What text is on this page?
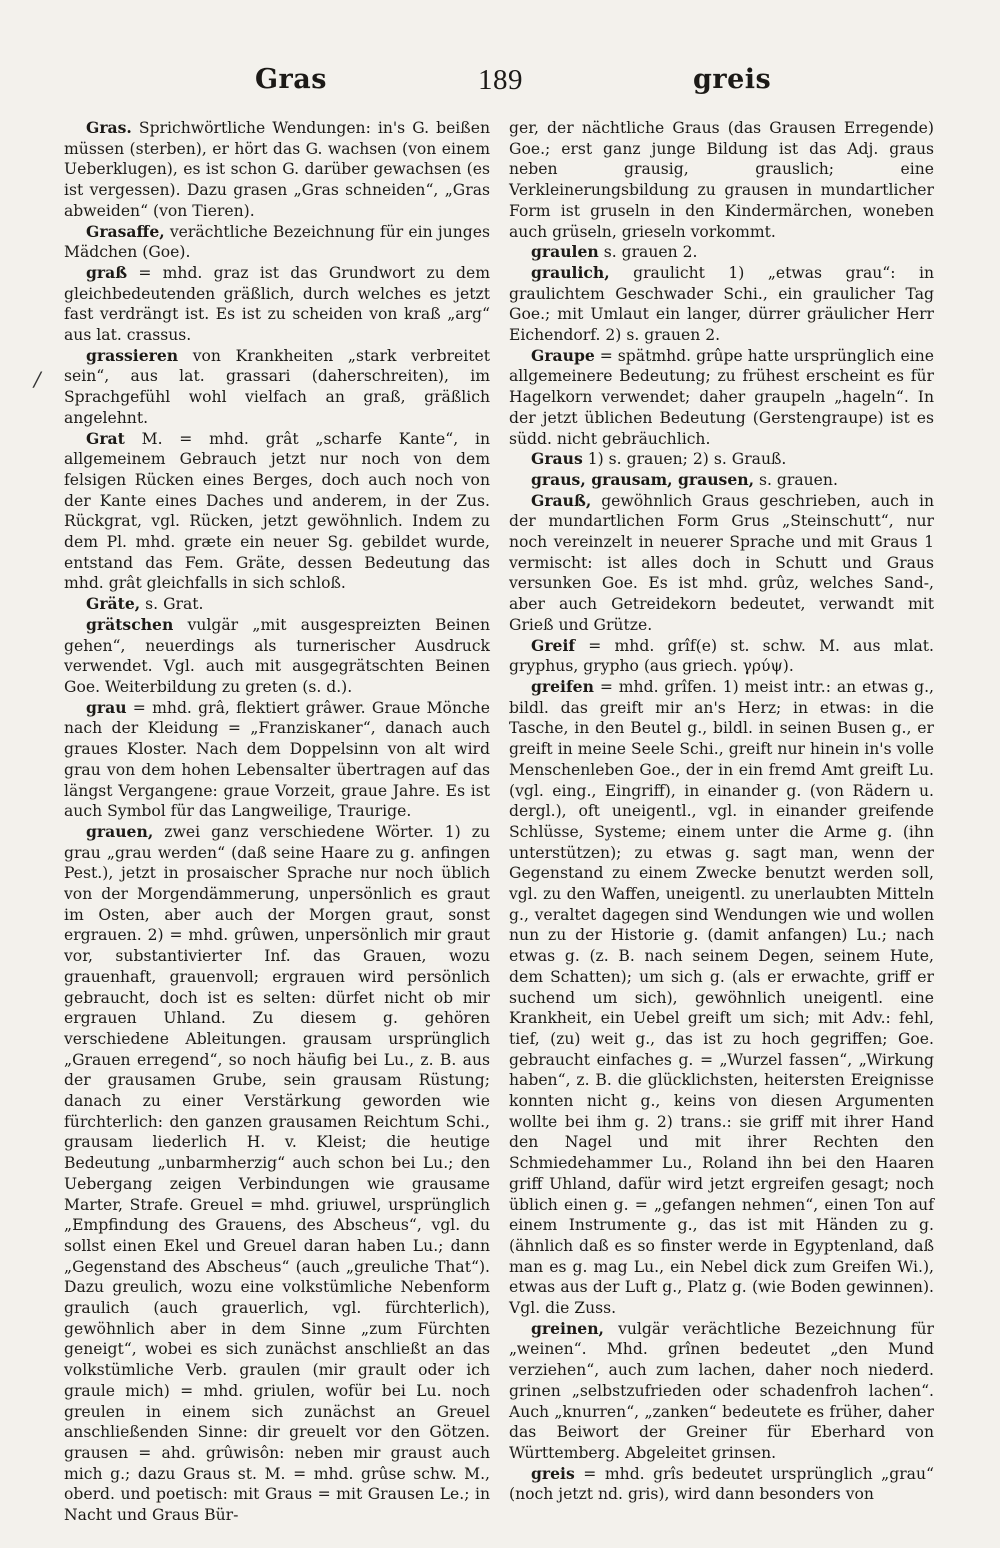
Gras	189	greis
/

Gras. Sprichwörtliche Wendungen: in's G. beißen müssen (sterben), er hört das G. wachsen (von einem Ueberklugen), es ist schon G. darüber gewachsen (es ist vergessen). Dazu grasen „Gras schneiden“, „Gras abweiden“ (von Tieren).

Grasaffe, verächtliche Bezeichnung für ein junges Mädchen (Goe).

graß = mhd. graz ist das Grundwort zu dem gleichbedeutenden gräßlich, durch welches es jetzt fast verdrängt ist. Es ist zu scheiden von kraß „arg“ aus lat. crassus.

grassieren von Krankheiten „stark verbreitet sein“, aus lat. grassari (daherschreiten), im Sprachgefühl wohl vielfach an graß, gräßlich angelehnt.

Grat M. = mhd. grât „scharfe Kante“, in allgemeinem Gebrauch jetzt nur noch von dem felsigen Rücken eines Berges, doch auch noch von der Kante eines Daches und anderem, in der Zus. Rückgrat, vgl. Rücken, jetzt gewöhnlich. Indem zu dem Pl. mhd. græte ein neuer Sg. gebildet wurde, entstand das Fem. Gräte, dessen Bedeutung das mhd. grât gleichfalls in sich schloß.

Gräte, s. Grat.

grätschen vulgär „mit ausgespreizten Beinen gehen“, neuerdings als turnerischer Ausdruck verwendet. Vgl. auch mit ausgegrätschten Beinen Goe. Weiterbildung zu greten (s. d.).

grau = mhd. grâ, flektiert grâwer. Graue Mönche nach der Kleidung = „Franziskaner“, danach auch graues Kloster. Nach dem Doppelsinn von alt wird grau von dem hohen Lebensalter übertragen auf das längst Vergangene: graue Vorzeit, graue Jahre. Es ist auch Symbol für das Langweilige, Traurige.

grauen, zwei ganz verschiedene Wörter. 1) zu grau „grau werden“ (daß seine Haare zu g. anfingen Pest.), jetzt in prosaischer Sprache nur noch üblich von der Morgendämmerung, unpersönlich es graut im Osten, aber auch der Morgen graut, sonst ergrauen. 2) = mhd. grûwen, unpersönlich mir graut vor, substantivierter Inf. das Grauen, wozu grauenhaft, grauenvoll; ergrauen wird persönlich gebraucht, doch ist es selten: dürfet nicht ob mir ergrauen Uhland. Zu diesem g. gehören verschiedene Ableitungen. grausam ursprünglich „Grauen erregend“, so noch häufig bei Lu., z. B. aus der grausamen Grube, sein grausam Rüstung; danach zu einer Verstärkung geworden wie fürchterlich: den ganzen grausamen Reichtum Schi., grausam liederlich H. v. Kleist; die heutige Bedeutung „unbarmherzig“ auch schon bei Lu.; den Uebergang zeigen Verbindungen wie grausame Marter, Strafe. Greuel = mhd. griuwel, ursprünglich „Empfindung des Grauens, des Abscheus“, vgl. du sollst einen Ekel und Greuel daran haben Lu.; dann „Gegenstand des Abscheus“ (auch „greuliche That“). Dazu greulich, wozu eine volkstümliche Nebenform graulich (auch grauerlich, vgl. fürchterlich), gewöhnlich aber in dem Sinne „zum Fürchten geneigt“, wobei es sich zunächst anschließt an das volkstümliche Verb. graulen (mir grault oder ich graule mich) = mhd. griulen, wofür bei Lu. noch greulen in einem sich zunächst an Greuel anschließenden Sinne: dir greuelt vor den Götzen. grausen = ahd. grûwisôn: neben mir graust auch mich g.; dazu Graus st. M. = mhd. grûse schw. M., oberd. und poetisch: mit Graus = mit Grausen Le.; in Nacht und Graus Bür-

ger, der nächtliche Graus (das Grausen Erregende) Goe.; erst ganz junge Bildung ist das Adj. graus neben grausig, grauslich; eine Verkleinerungsbildung zu grausen in mundartlicher Form ist gruseln in den Kindermärchen, woneben auch grüseln, grieseln vorkommt.

graulen s. grauen 2.

graulich, graulicht 1) „etwas grau“: in graulichtem Geschwader Schi., ein graulicher Tag Goe.; mit Umlaut ein langer, dürrer gräulicher Herr Eichendorf. 2) s. grauen 2.

Graupe = spätmhd. grûpe hatte ursprünglich eine allgemeinere Bedeutung; zu frühest erscheint es für Hagelkorn verwendet; daher graupeln „hageln“. In der jetzt üblichen Bedeutung (Gerstengraupe) ist es südd. nicht gebräuchlich.

Graus 1) s. grauen; 2) s. Grauß.

graus, grausam, grausen, s. grauen.

Grauß, gewöhnlich Graus geschrieben, auch in der mundartlichen Form Grus „Steinschutt“, nur noch vereinzelt in neuerer Sprache und mit Graus 1 vermischt: ist alles doch in Schutt und Graus versunken Goe. Es ist mhd. grûz, welches Sand-, aber auch Getreidekorn bedeutet, verwandt mit Grieß und Grütze.

Greif = mhd. grîf(e) st. schw. M. aus mlat. gryphus, grypho (aus griech. γρύψ).

greifen = mhd. grîfen. 1) meist intr.: an etwas g., bildl. das greift mir an's Herz; in etwas: in die Tasche, in den Beutel g., bildl. in seinen Busen g., er greift in meine Seele Schi., greift nur hinein in's volle Menschenleben Goe., der in ein fremd Amt greift Lu. (vgl. eing., Eingriff), in einander g. (von Rädern u. dergl.), oft uneigentl., vgl. in einander greifende Schlüsse, Systeme; einem unter die Arme g. (ihn unterstützen); zu etwas g. sagt man, wenn der Gegenstand zu einem Zwecke benutzt werden soll, vgl. zu den Waffen, uneigentl. zu unerlaubten Mitteln g., veraltet dagegen sind Wendungen wie und wollen nun zu der Historie g. (damit anfangen) Lu.; nach etwas g. (z. B. nach seinem Degen, seinem Hute, dem Schatten); um sich g. (als er erwachte, griff er suchend um sich), gewöhnlich uneigentl. eine Krankheit, ein Uebel greift um sich; mit Adv.: fehl, tief, (zu) weit g., das ist zu hoch gegriffen; Goe. gebraucht einfaches g. = „Wurzel fassen“, „Wirkung haben“, z. B. die glücklichsten, heitersten Ereignisse konnten nicht g., keins von diesen Argumenten wollte bei ihm g. 2) trans.: sie griff mit ihrer Hand den Nagel und mit ihrer Rechten den Schmiedehammer Lu., Roland ihn bei den Haaren griff Uhland, dafür wird jetzt ergreifen gesagt; noch üblich einen g. = „gefangen nehmen“, einen Ton auf einem Instrumente g., das ist mit Händen zu g. (ähnlich daß es so finster werde in Egyptenland, daß man es g. mag Lu., ein Nebel dick zum Greifen Wi.), etwas aus der Luft g., Platz g. (wie Boden gewinnen). Vgl. die Zuss.

greinen, vulgär verächtliche Bezeichnung für „weinen“. Mhd. grînen bedeutet „den Mund verziehen“, auch zum lachen, daher noch niederd. grinen „selbstzufrieden oder schadenfroh lachen“. Auch „knurren“, „zanken“ bedeutete es früher, daher das Beiwort der Greiner für Eberhard von Württemberg. Abgeleitet grinsen.

greis = mhd. grîs bedeutet ursprünglich „grau“ (noch jetzt nd. gris), wird dann besonders von
